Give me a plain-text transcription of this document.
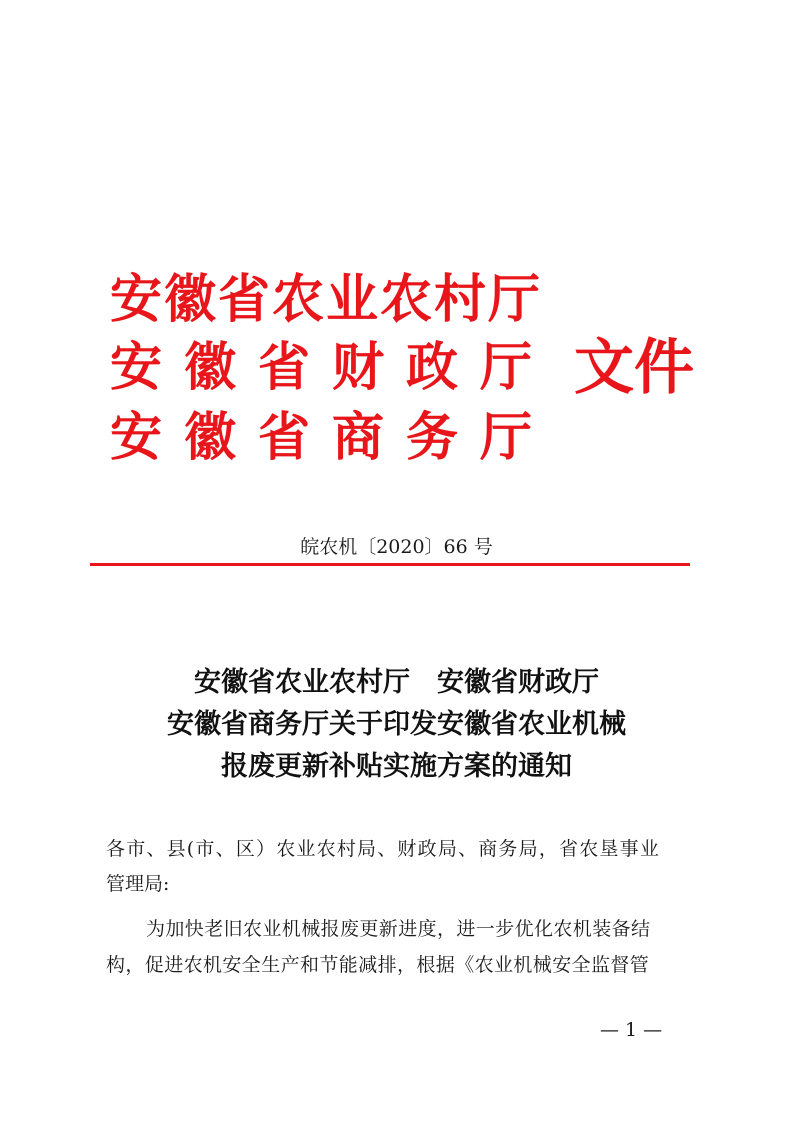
安徽省农业农村厅
安徽省财政厅
安徽省商务厅
文件
皖农机〔2020〕66 号
安徽省农业农村厅　安徽省财政厅
安徽省商务厅关于印发安徽省农业机械
报废更新补贴实施方案的通知
各市、县(市、区）农业农村局、财政局、商务局，省农垦事业
管理局:
为加快老旧农业机械报废更新进度，进一步优化农机装备结
构，促进农机安全生产和节能减排，根据《农业机械安全监督管
— 1 —
